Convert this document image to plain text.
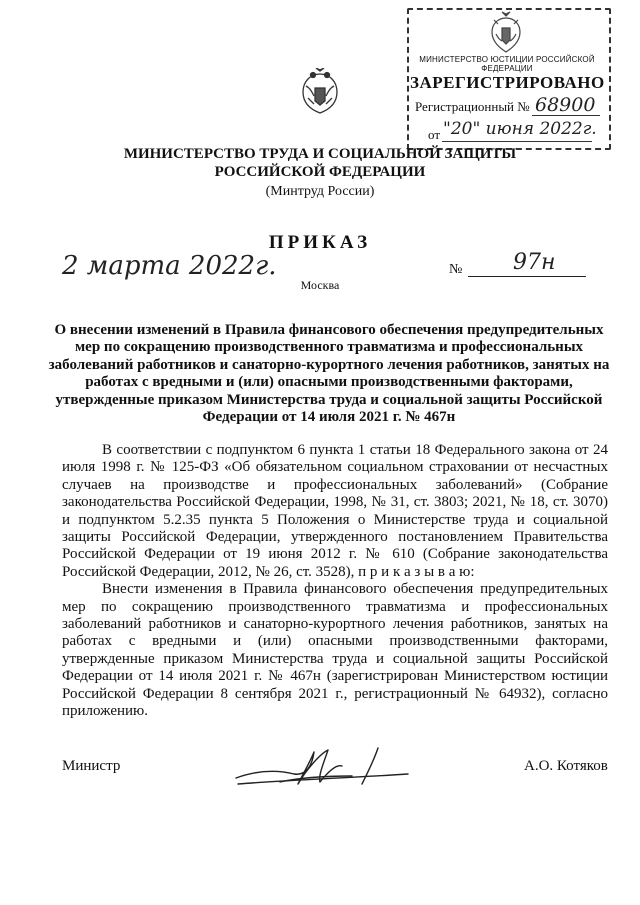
МИНИСТЕРСТВО ЮСТИЦИИ РОССИЙСКОЙ ФЕДЕРАЦИИ
ЗАРЕГИСТРИРОВАНО
Регистрационный № 68900
от "20" июня 2022г.
МИНИСТЕРСТВО ТРУДА И СОЦИАЛЬНОЙ ЗАЩИТЫ
РОССИЙСКОЙ ФЕДЕРАЦИИ
(Минтруд России)
ПРИКАЗ
2 марта 2022г.	№ 97н
Москва
О внесении изменений в Правила финансового обеспечения предупредительных мер по сокращению производственного травматизма и профессиональных заболеваний работников и санаторно-курортного лечения работников, занятых на работах с вредными и (или) опасными производственными факторами, утвержденные приказом Министерства труда и социальной защиты Российской Федерации от 14 июля 2021 г. № 467н

В соответствии с подпунктом 6 пункта 1 статьи 18 Федерального закона от 24 июля 1998 г. № 125-ФЗ «Об обязательном социальном страховании от несчастных случаев на производстве и профессиональных заболеваний» (Собрание законодательства Российской Федерации, 1998, № 31, ст. 3803; 2021, № 18, ст. 3070) и подпунктом 5.2.35 пункта 5 Положения о Министерстве труда и социальной защиты Российской Федерации, утвержденного постановлением Правительства Российской Федерации от 19 июня 2012 г. № 610 (Собрание законодательства Российской Федерации, 2012, № 26, ст. 3528), п р и к а з ы в а ю:

Внести изменения в Правила финансового обеспечения предупредительных мер по сокращению производственного травматизма и профессиональных заболеваний работников и санаторно-курортного лечения работников, занятых на работах с вредными и (или) опасными производственными факторами, утвержденные приказом Министерства труда и социальной защиты Российской Федерации от 14 июля 2021 г. № 467н (зарегистрирован Министерством юстиции Российской Федерации 8 сентября 2021 г., регистрационный № 64932), согласно приложению.

Министр	А.О. Котяков
